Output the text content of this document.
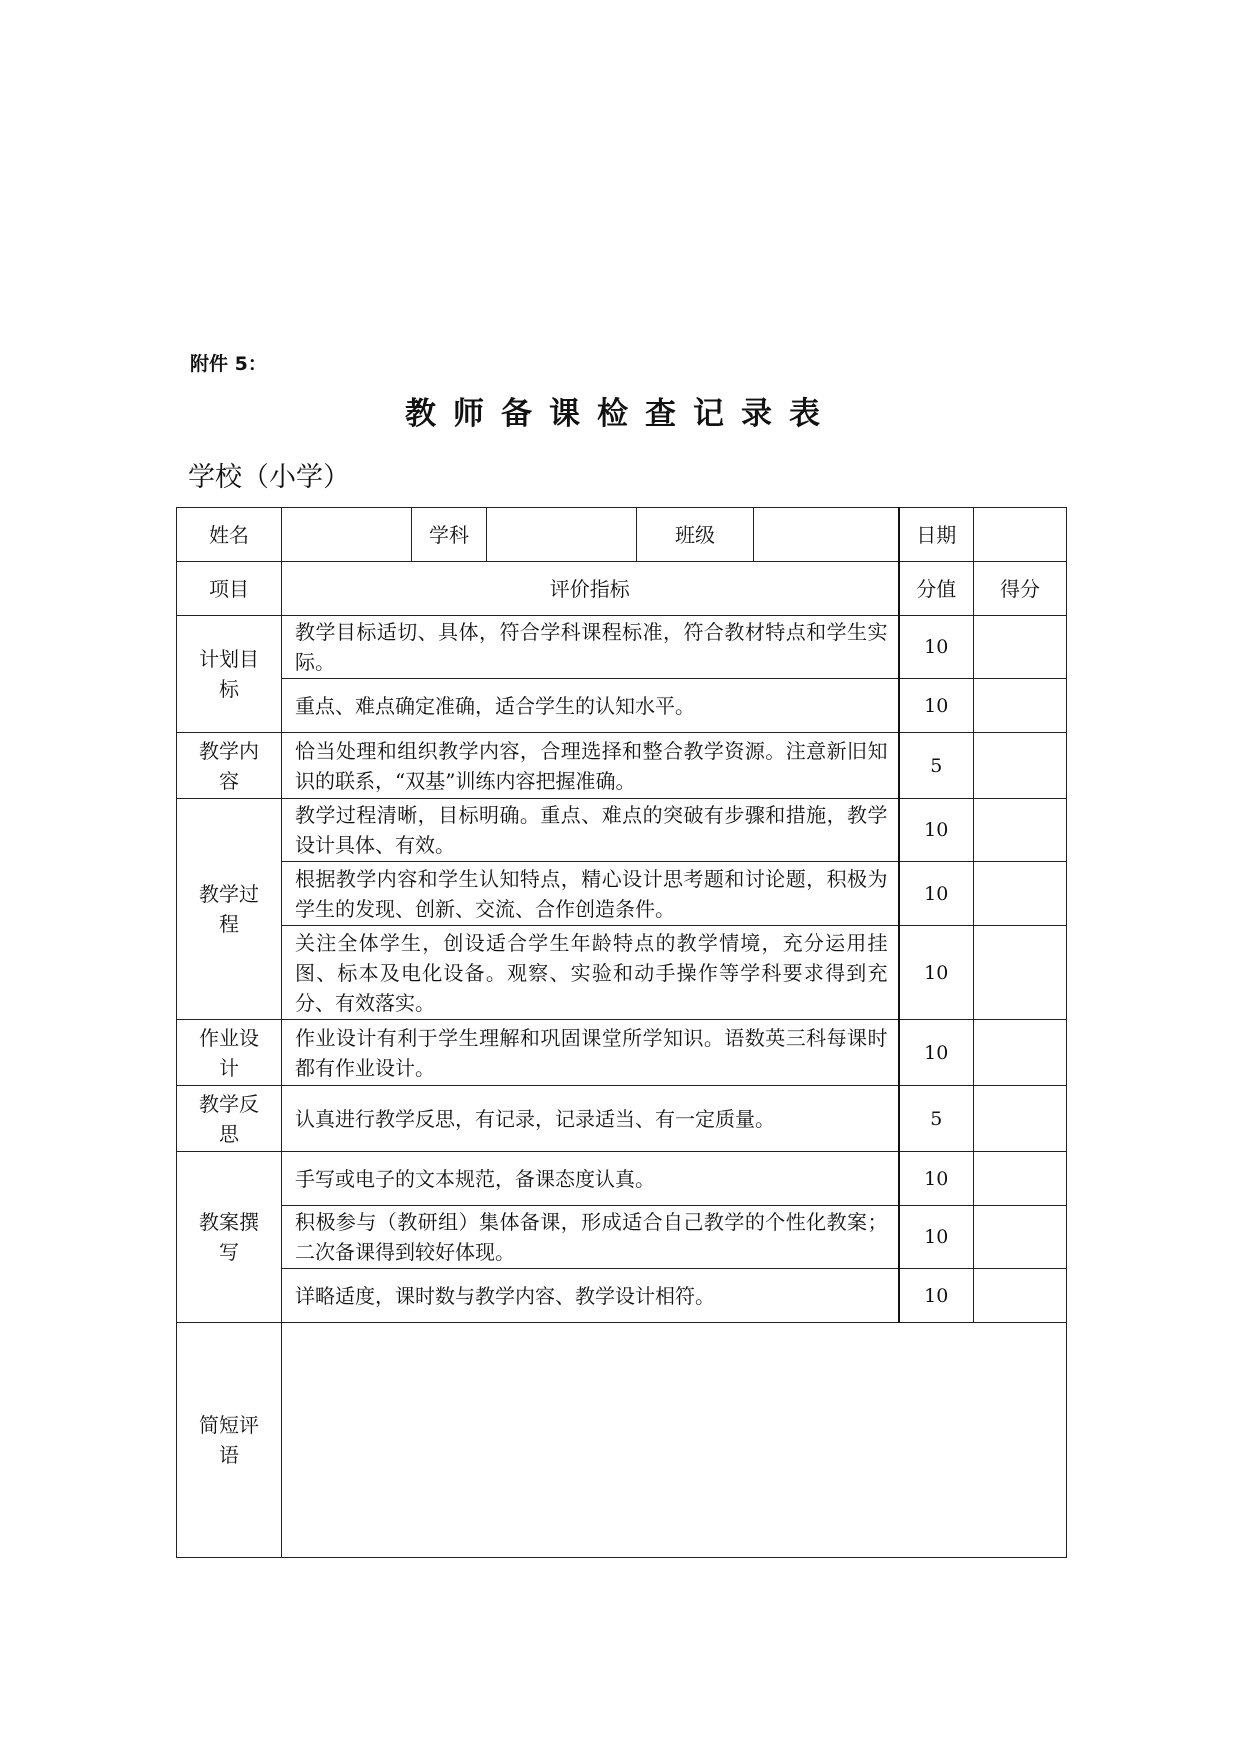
附件 5：
教师备课检查记录表
学校（小学）
姓名		学科		班级		日期	
项目	评价指标					分值	得分
计划目标	教学目标适切、具体，符合学科课程标准，符合教材特点和学生实际。					10	
	重点、难点确定准确，适合学生的认知水平。					10	
教学内容	恰当处理和组织教学内容，合理选择和整合教学资源。注意新旧知识的联系，“双基”训练内容把握准确。					5	
教学过程	教学过程清晰，目标明确。重点、难点的突破有步骤和措施，教学设计具体、有效。					10	
	根据教学内容和学生认知特点，精心设计思考题和讨论题，积极为学生的发现、创新、交流、合作创造条件。					10	
	关注全体学生，创设适合学生年龄特点的教学情境，充分运用挂图、标本及电化设备。观察、实验和动手操作等学科要求得到充分、有效落实。					10	
作业设计	作业设计有利于学生理解和巩固课堂所学知识。语数英三科每课时都有作业设计。					10	
教学反思	认真进行教学反思，有记录，记录适当、有一定质量。					5	
教案撰写	手写或电子的文本规范，备课态度认真。					10	
	积极参与（教研组）集体备课，形成适合自己教学的个性化教案；二次备课得到较好体现。					10	
	详略适度，课时数与教学内容、教学设计相符。					10	
简短评语							
